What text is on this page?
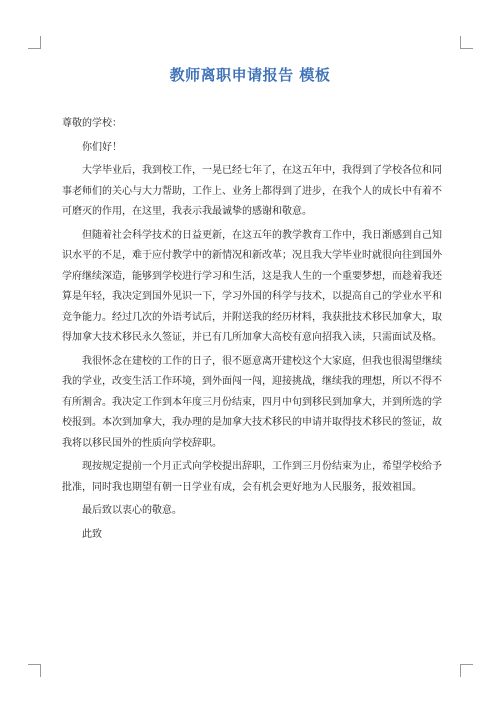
教师离职申请报告 模板

尊敬的学校：

你们好！

大学毕业后，我到校工作，一晃已经七年了，在这五年中，我得到了学校各位和同事老师们的关心与大力帮助，工作上、业务上都得到了进步，在我个人的成长中有着不可磨灭的作用，在这里，我表示我最诚挚的感谢和敬意。

但随着社会科学技术的日益更新，在这五年的教学教育工作中，我日渐感到自己知识水平的不足，难于应付教学中的新情况和新改革；况且我大学毕业时就很向往到国外学府继续深造，能够到学校进行学习和生活，这是我人生的一个重要梦想，而趁着我还算是年轻，我决定到国外见识一下，学习外国的科学与技术，以提高自己的学业水平和竞争能力。经过几次的外语考试后，并附送我的经历材料，我获批技术移民加拿大，取得加拿大技术移民永久签证，并已有几所加拿大高校有意向招我入读，只需面试及格。

我很怀念在建校的工作的日子，很不愿意离开建校这个大家庭，但我也很渴望继续我的学业，改变生活工作环境，到外面闯一闯，迎接挑战，继续我的理想，所以不得不有所割舍。我决定工作到本年度三月份结束，四月中旬到移民到加拿大，并到所选的学校报到。本次到加拿大，我办理的是加拿大技术移民的申请并取得技术移民的签证，故我将以移民国外的性质向学校辞职。

现按规定提前一个月正式向学校提出辞职，工作到三月份结束为止，希望学校给予批准，同时我也期望有朝一日学业有成，会有机会更好地为人民服务，报效祖国。

最后致以衷心的敬意。

此致
